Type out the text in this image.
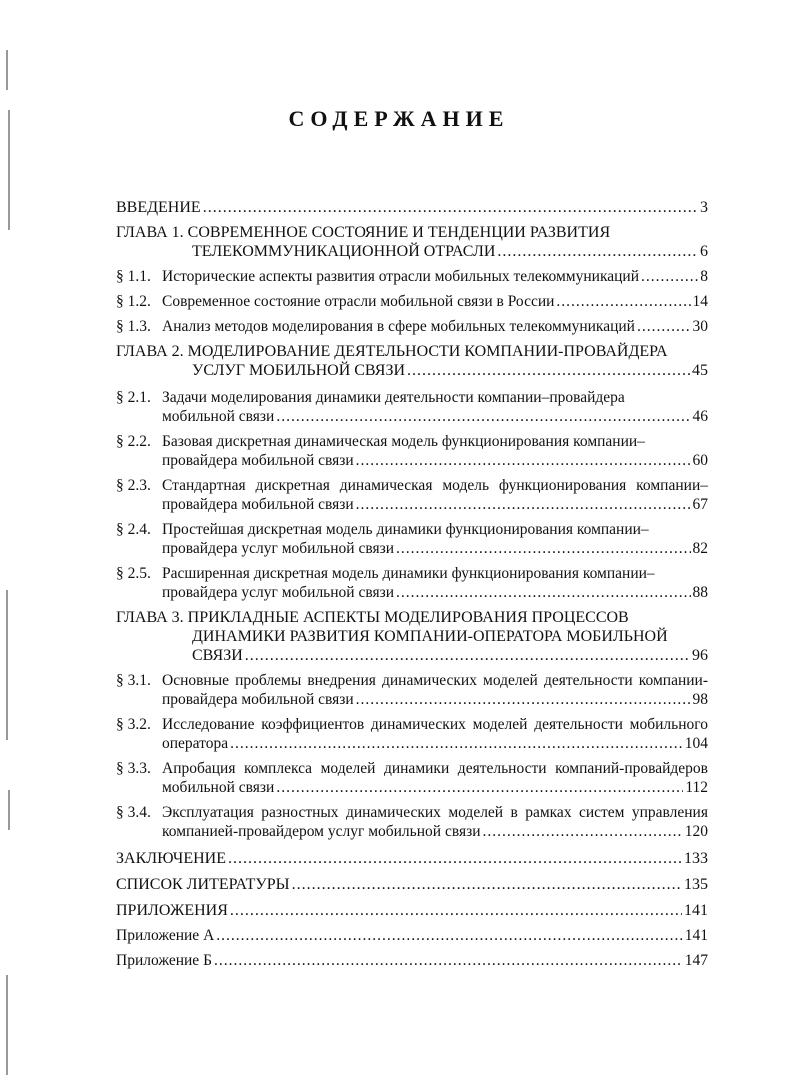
СОДЕРЖАНИЕ
ВВЕДЕНИЕ .....	3
ГЛАВА 1. СОВРЕМЕННОЕ СОСТОЯНИЕ И ТЕНДЕНЦИИ РАЗВИТИЯ
ТЕЛЕКОММУНИКАЦИОННОЙ ОТРАСЛИ .....	6
§ 1.1. Исторические аспекты развития отрасли мобильных телекоммуникаций .....	8
§ 1.2. Современное состояние отрасли мобильной связи в России .....	14
§ 1.3. Анализ методов моделирования в сфере мобильных телекоммуникаций .....	30
ГЛАВА 2. МОДЕЛИРОВАНИЕ ДЕЯТЕЛЬНОСТИ КОМПАНИИ-ПРОВАЙДЕРА
УСЛУГ МОБИЛЬНОЙ СВЯЗИ .....	45
§ 2.1. Задачи моделирования динамики деятельности компании–провайдера
мобильной связи .....	46
§ 2.2. Базовая дискретная динамическая модель функционирования компании–
провайдера мобильной связи .....	60
§ 2.3. Стандартная дискретная динамическая модель функционирования компании–
провайдера мобильной связи .....	67
§ 2.4. Простейшая дискретная модель динамики функционирования компании–
провайдера услуг мобильной связи .....	82
§ 2.5. Расширенная дискретная модель динамики функционирования компании–
провайдера услуг мобильной связи .....	88
ГЛАВА 3. ПРИКЛАДНЫЕ АСПЕКТЫ МОДЕЛИРОВАНИЯ ПРОЦЕССОВ
ДИНАМИКИ РАЗВИТИЯ КОМПАНИИ-ОПЕРАТОРА МОБИЛЬНОЙ
СВЯЗИ .....	96
§ 3.1. Основные проблемы внедрения динамических моделей деятельности компании-
провайдера мобильной связи .....	98
§ 3.2. Исследование коэффициентов динамических моделей деятельности мобильного
оператора .....	104
§ 3.3. Апробация комплекса моделей динамики деятельности компаний-провайдеров
мобильной связи .....	112
§ 3.4. Эксплуатация разностных динамических моделей в рамках систем управления
компанией-провайдером услуг мобильной связи .....	120
ЗАКЛЮЧЕНИЕ .....	133
СПИСОК ЛИТЕРАТУРЫ .....	135
ПРИЛОЖЕНИЯ .....	141
Приложение А .....	141
Приложение Б .....	147
